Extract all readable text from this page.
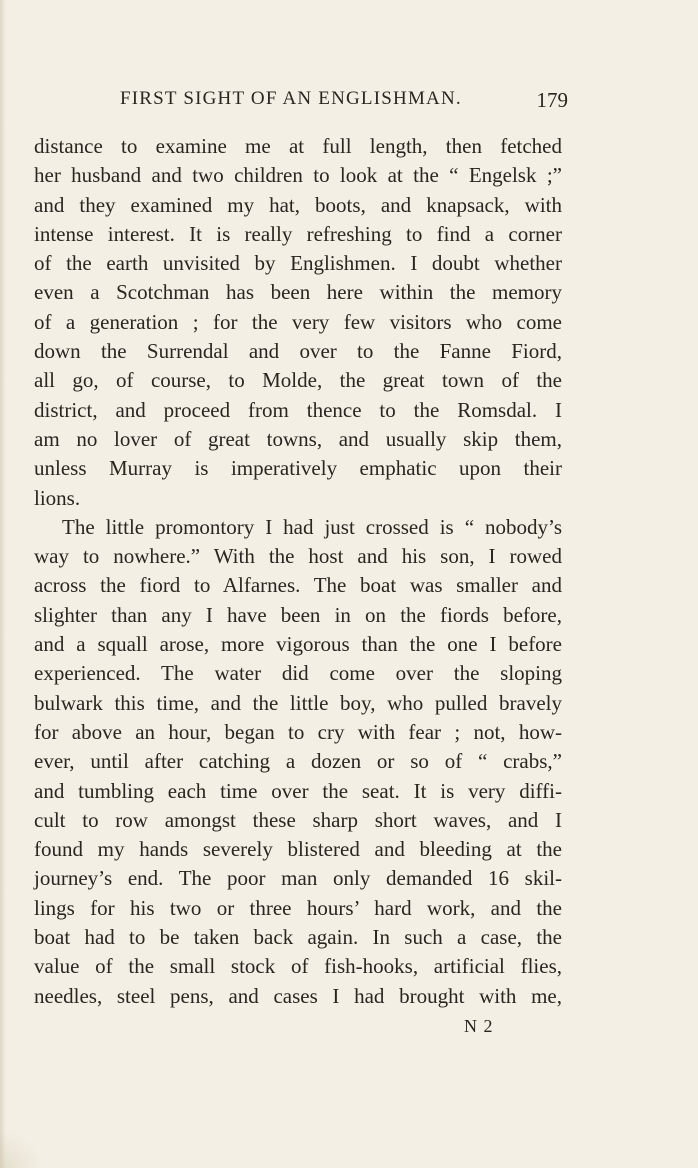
FIRST SIGHT OF AN ENGLISHMAN.	179
distance to examine me at full length, then fetched
her husband and two children to look at the “ Engelsk ;”
and they examined my hat, boots, and knapsack, with
intense interest. It is really refreshing to find a corner
of the earth unvisited by Englishmen. I doubt whether
even a Scotchman has been here within the memory
of a generation ; for the very few visitors who come
down the Surrendal and over to the Fanne Fiord,
all go, of course, to Molde, the great town of the
district, and proceed from thence to the Romsdal. I
am no lover of great towns, and usually skip them,
unless Murray is imperatively emphatic upon their
lions.
The little promontory I had just crossed is “ nobody’s
way to nowhere.” With the host and his son, I rowed
across the fiord to Alfarnes. The boat was smaller and
slighter than any I have been in on the fiords before,
and a squall arose, more vigorous than the one I before
experienced. The water did come over the sloping
bulwark this time, and the little boy, who pulled bravely
for above an hour, began to cry with fear ; not, how-
ever, until after catching a dozen or so of “ crabs,”
and tumbling each time over the seat. It is very diffi-
cult to row amongst these sharp short waves, and I
found my hands severely blistered and bleeding at the
journey’s end. The poor man only demanded 16 skil-
lings for his two or three hours’ hard work, and the
boat had to be taken back again. In such a case, the
value of the small stock of fish-hooks, artificial flies,
needles, steel pens, and cases I had brought with me,
N 2
